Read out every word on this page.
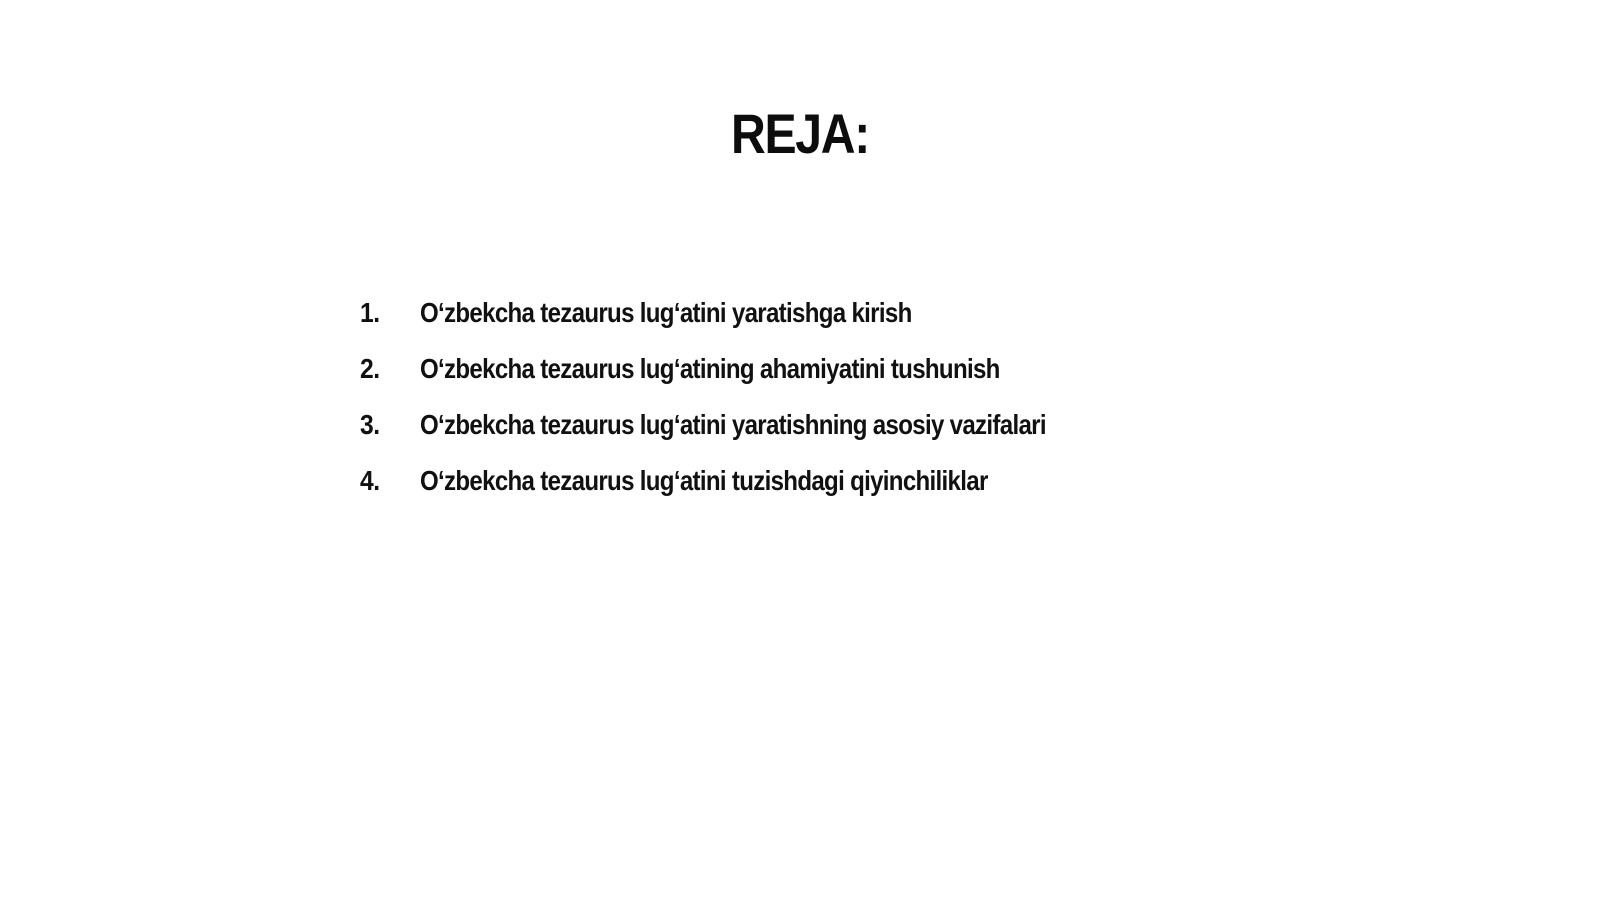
REJA:
1.	O‘zbekcha tezaurus lug‘atini yaratishga kirish
2.	O‘zbekcha tezaurus lug‘atining ahamiyatini tushunish
3.	O‘zbekcha tezaurus lug‘atini yaratishning asosiy vazifalari
4.	O‘zbekcha tezaurus lug‘atini tuzishdagi qiyinchiliklar
